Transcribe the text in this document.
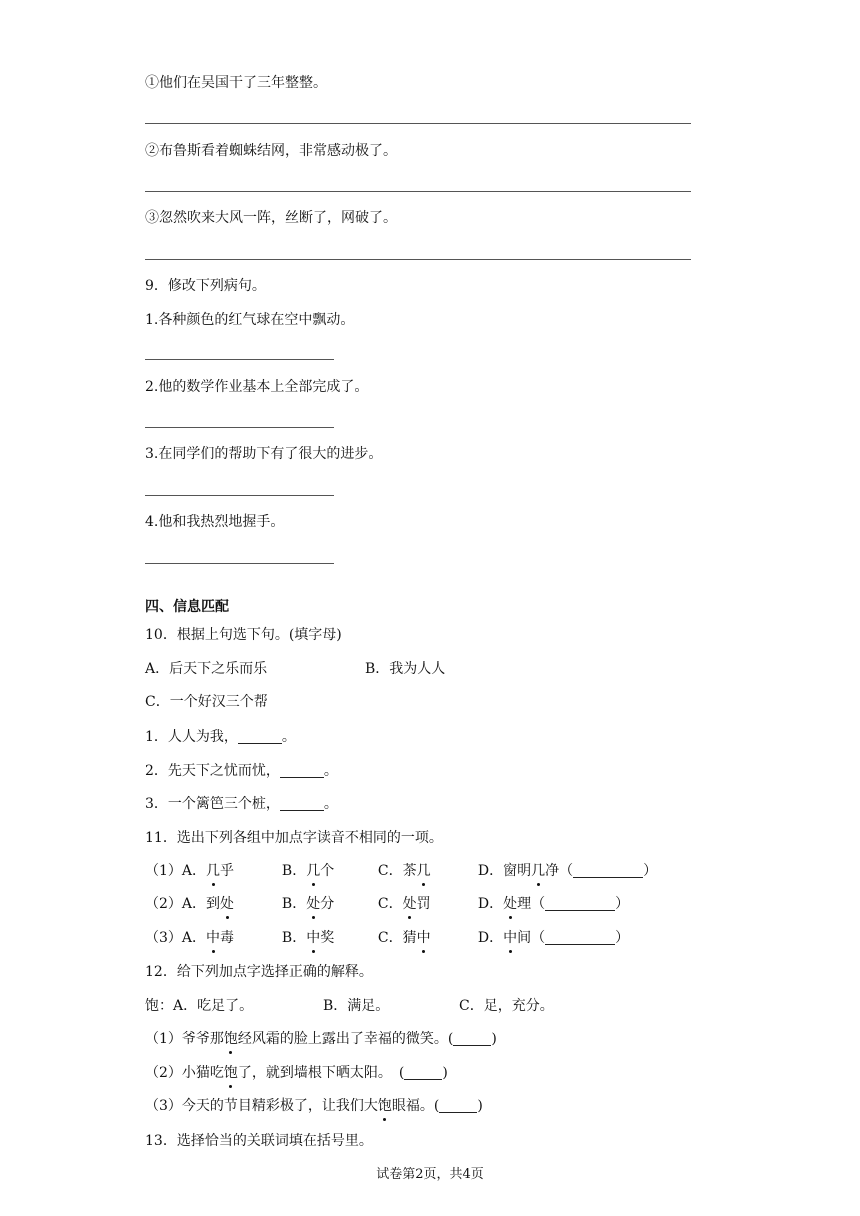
①他们在吴国干了三年整整。
②布鲁斯看着蜘蛛结网，非常感动极了。
③忽然吹来大风一阵，丝断了，网破了。
9．修改下列病句。
1.各种颜色的红气球在空中飘动。
2.他的数学作业基本上全部完成了。
3.在同学们的帮助下有了很大的进步。
4.他和我热烈地握手。
四、信息匹配
10．根据上句选下句。(填字母)
A．后天下之乐而乐	B．我为人人
C．一个好汉三个帮
1．人人为我，	。
2．先天下之忧而忧，	。
3．一个篱笆三个桩，	。
11．选出下列各组中加点字读音不相同的一项。
（1）A．几乎	B．几个	C．茶几	D．窗明几净（	）
（2）A．到处	B．处分	C．处罚	D．处理（	）
（3）A．中毒	B．中奖	C．猜中	D．中间（	）
12．给下列加点字选择正确的解释。
饱：A．吃足了。	B．满足。	C．足，充分。
（1）爷爷那饱经风霜的脸上露出了幸福的微笑。(	)
（2）小猫吃饱了，就到墙根下晒太阳。　(	)
（3）今天的节目精彩极了，让我们大饱眼福。(	)
13．选择恰当的关联词填在括号里。
试卷第2页，共4页
